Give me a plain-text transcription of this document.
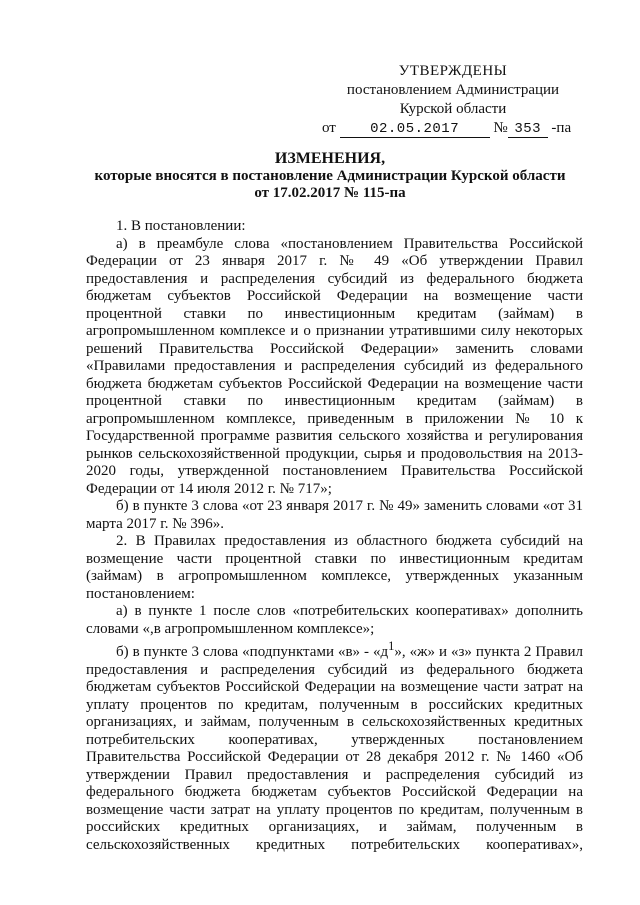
УТВЕРЖДЕНЫ
постановлением Администрации
Курской области
от 02.05.2017 № 353 -па
ИЗМЕНЕНИЯ,
которые вносятся в постановление Администрации Курской области
от 17.02.2017 № 115-па

1. В постановлении:

а) в преамбуле слова «постановлением Правительства Российской Федерации от 23 января 2017 г. № 49 «Об утверждении Правил предоставления и распределения субсидий из федерального бюджета бюджетам субъектов Российской Федерации на возмещение части процентной ставки по инвестиционным кредитам (займам) в агропромышленном комплексе и о признании утратившими силу некоторых решений Правительства Российской Федерации» заменить словами «Правилами предоставления и распределения субсидий из федерального бюджета бюджетам субъектов Российской Федерации на возмещение части процентной ставки по инвестиционным кредитам (займам) в агропромышленном комплексе, приведенным в приложении № 10 к Государственной программе развития сельского хозяйства и регулирования рынков сельскохозяйственной продукции, сырья и продовольствия на 2013-2020 годы, утвержденной постановлением Правительства Российской Федерации от 14 июля 2012 г. № 717»;

б) в пункте 3 слова «от 23 января 2017 г. № 49» заменить словами «от 31 марта 2017 г. № 396».

2. В Правилах предоставления из областного бюджета субсидий на возмещение части процентной ставки по инвестиционным кредитам (займам) в агропромышленном комплексе, утвержденных указанным постановлением:

а) в пункте 1 после слов «потребительских кооперативах» дополнить словами «,в агропромышленном комплексе»;

б) в пункте 3 слова «подпунктами «в» - «$д^1$», «ж» и «з» пункта 2 Правил предоставления и распределения субсидий из федерального бюджета бюджетам субъектов Российской Федерации на возмещение части затрат на уплату процентов по кредитам, полученным в российских кредитных организациях, и займам, полученным в сельскохозяйственных кредитных потребительских кооперативах, утвержденных постановлением Правительства Российской Федерации от 28 декабря 2012 г. № 1460 «Об утверждении Правил предоставления и распределения субсидий из федерального бюджета бюджетам субъектов Российской Федерации на возмещение части затрат на уплату процентов по кредитам, полученным в российских кредитных организациях, и займам, полученным в сельскохозяйственных кредитных потребительских кооперативах»,
